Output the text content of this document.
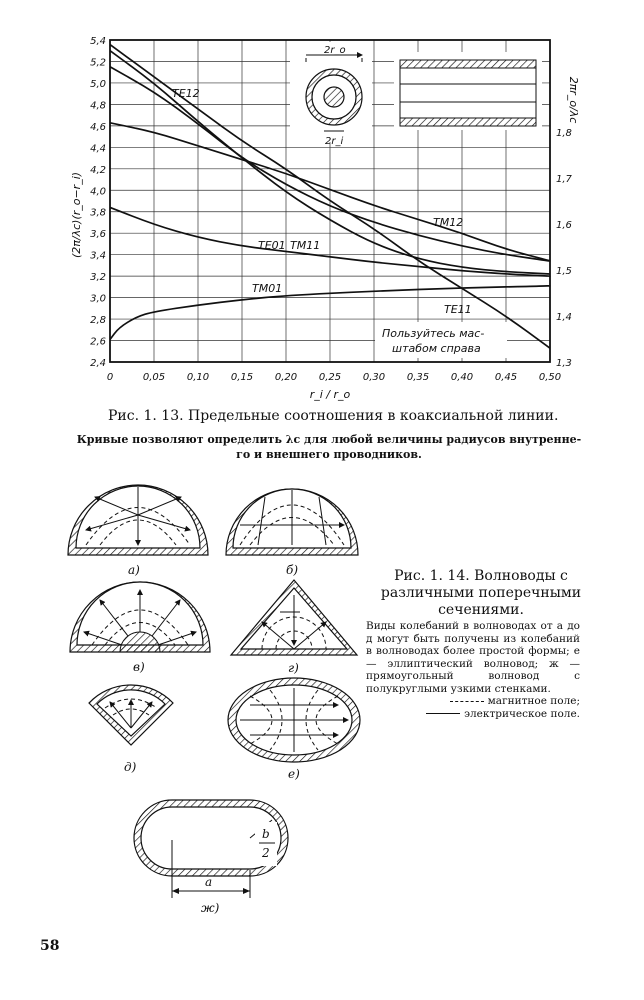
0	0,05 0,10 0,15 0,20 0,25 0,30 0,35 0,40 0,45 0,50
2,4
2,6
2,8
3,0
3,2
3,4
3,6
3,8
4,0
4,2
4,4
4,6
4,8
5,0
5,2
5,4
1,3
1,4
1,5
1,6
1,7
1,8
(2π/λc)(r_o−r_i)
2πr_o/λc
r_i / r_o
TE12
TE01 TM11
TM12
TM01
TE11
Пользуйтесь мас-
штабом справа
2r_o
2r_i
а)	б)
в)	г)
д)	е)
b
2
a
ж)
Рис. 1. 13. Предельные соотношения в коаксиальной линии.
Кривые позволяют определить λc для любой величины радиусов внутренне-го и внешнего проводников.
Рис. 1. 14. Волноводы с различными поперечными сечениями.
Виды колебаний в волноводах от а до д могут быть получены из колебаний в волноводах более простой формы; е — эллиптический волновод; ж — прямоугольный волновод с полукруглыми узкими стенками.
магнитное поле;
электрическое поле.
58
